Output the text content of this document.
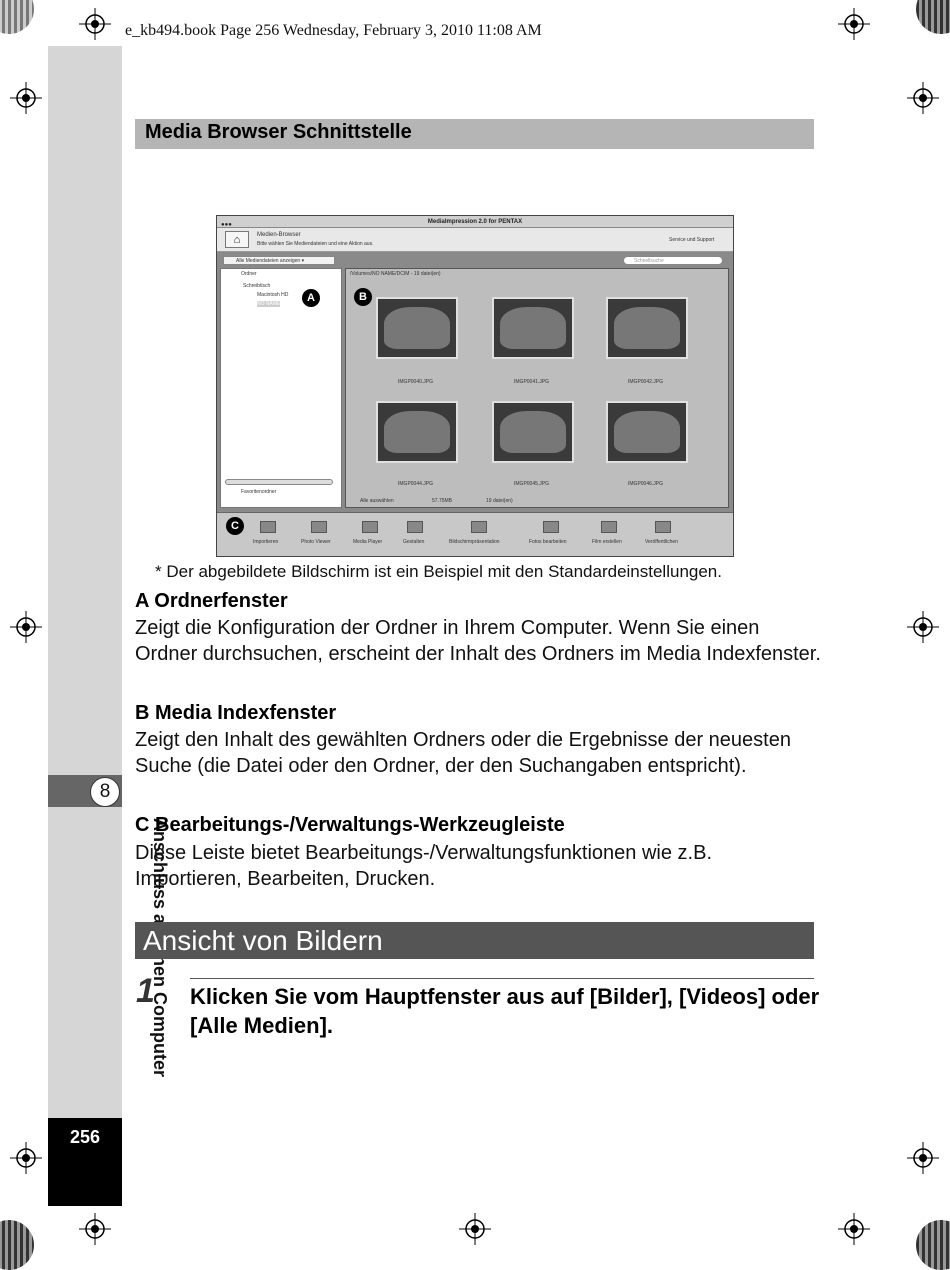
e_kb494.book Page 256 Wednesday, February 3, 2010 11:08 AM
8
256
Media Browser Schnittstelle
●●●	MediaImpression 2.0 for PENTAX
⌂	Medien-Browser
Bitte wählen Sie Mediendateien und eine Aktion aus.
Service und Support
Alle Mediendateien anzeigen ▾	Schnellsuche
Ordner
Schreibtisch
Macintosh HD
NO NAME
Favoritenordner
/Volumes/NO NAME/DCIM - 19 datei(en)
IMGP0040.JPG	IMGP0041.JPG	IMGP0042.JPG
IMGP0044.JPG	IMGP0045.JPG	IMGP0046.JPG
Alle auswählen	57.75MB	19 datei(en)
Importieren	Photo Viewer	Media Player	Gestalten	Bildschirmpräsentation	Fotos bearbeiten	Film erstellen	Veröffentlichen
A	B
C
* Der abgebildete Bildschirm ist ein Beispiel mit den Standardeinstellungen.
A Ordnerfenster
Zeigt die Konfiguration der Ordner in Ihrem Computer. Wenn Sie einen Ordner durchsuchen, erscheint der Inhalt des Ordners im Media Indexfenster.
B Media Indexfenster
Zeigt den Inhalt des gewählten Ordners oder die Ergebnisse der neuesten Suche (die Datei oder den Ordner, der den Suchangaben entspricht).
C Bearbeitungs-/Verwaltungs-Werkzeugleiste
Diese Leiste bietet Bearbeitungs-/Verwaltungsfunktionen wie z.B. Importieren, Bearbeiten, Drucken.
Ansicht von Bildern
1 Klicken Sie vom Hauptfenster aus auf [Bilder], [Videos] oder [Alle Medien].
